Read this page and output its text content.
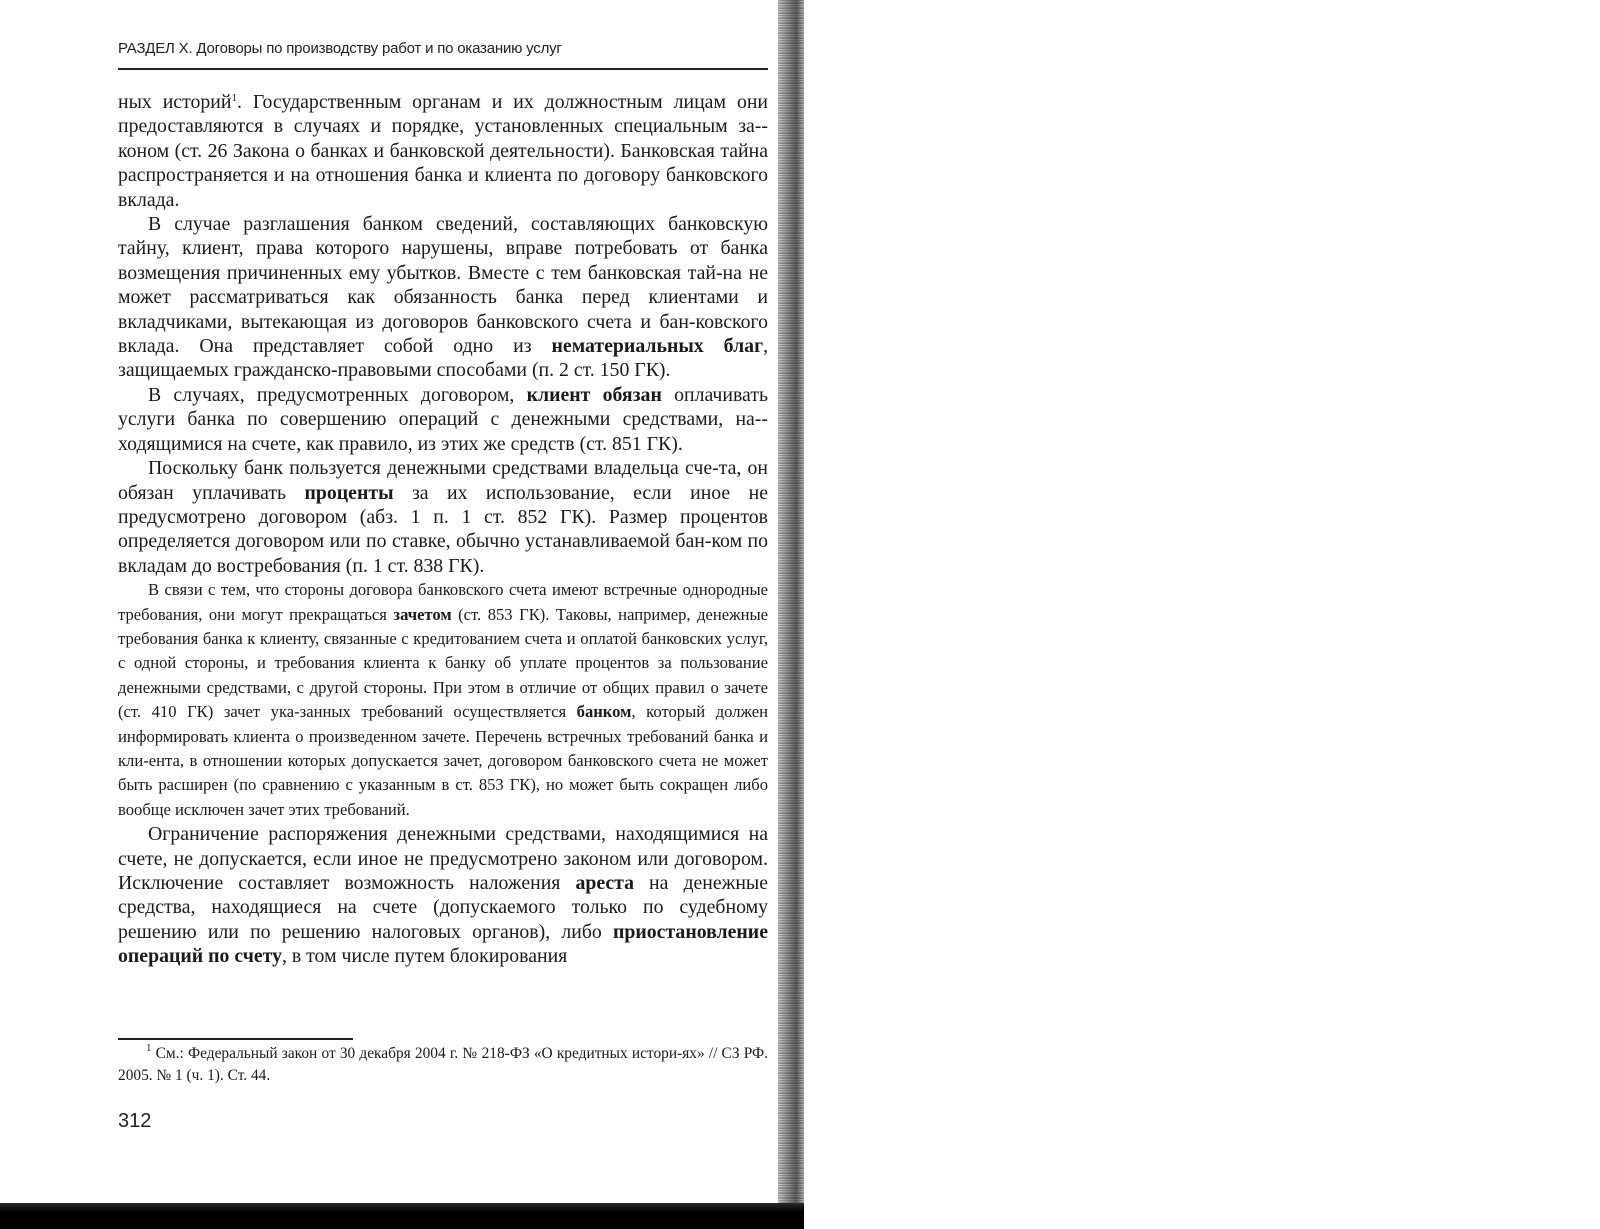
РАЗДЕЛ X. Договоры по производству работ и по оказанию услуг

ных историй$^1$. Государственным органам и их должностным лицам они предоставляются в случаях и порядке, установленных специальным за-коном (ст. 26 Закона о банках и банковской деятельности). Банковская тайна распространяется и на отношения банка и клиента по договору банковского вклада.

В случае разглашения банком сведений, составляющих банковскую тайну, клиент, права которого нарушены, вправе потребовать от банка возмещения причиненных ему убытков. Вместе с тем банковская тай-на не может рассматриваться как обязанность банка перед клиентами и вкладчиками, вытекающая из договоров банковского счета и бан-ковского вклада. Она представляет собой одно из нематериальных благ, защищаемых гражданско-правовыми способами (п. 2 ст. 150 ГК).

В случаях, предусмотренных договором, клиент обязан оплачивать услуги банка по совершению операций с денежными средствами, на-ходящимися на счете, как правило, из этих же средств (ст. 851 ГК).

Поскольку банк пользуется денежными средствами владельца сче-та, он обязан уплачивать проценты за их использование, если иное не предусмотрено договором (абз. 1 п. 1 ст. 852 ГК). Размер процентов определяется договором или по ставке, обычно устанавливаемой бан-ком по вкладам до востребования (п. 1 ст. 838 ГК).

В связи с тем, что стороны договора банковского счета имеют встречные однородные требования, они могут прекращаться зачетом (ст. 853 ГК). Таковы, например, денежные требования банка к клиенту, связанные с кредитованием счета и оплатой банковских услуг, с одной стороны, и требования клиента к банку об уплате процентов за пользование денежными средствами, с другой стороны. При этом в отличие от общих правил о зачете (ст. 410 ГК) зачет ука-занных требований осуществляется банком, который должен информировать клиента о произведенном зачете. Перечень встречных требований банка и кли-ента, в отношении которых допускается зачет, договором банковского счета не может быть расширен (по сравнению с указанным в ст. 853 ГК), но может быть сокращен либо вообще исключен зачет этих требований.

Ограничение распоряжения денежными средствами, находящимися на счете, не допускается, если иное не предусмотрено законом или договором. Исключение составляет возможность наложения ареста на денежные средства, находящиеся на счете (допускаемого только по судебному решению или по решению налоговых органов), либо приостановление операций по счету, в том числе путем блокирования

$^1$ См.: Федеральный закон от 30 декабря 2004 г. № 218-ФЗ «О кредитных истори-ях» // СЗ РФ. 2005. № 1 (ч. 1). Ст. 44.

312
